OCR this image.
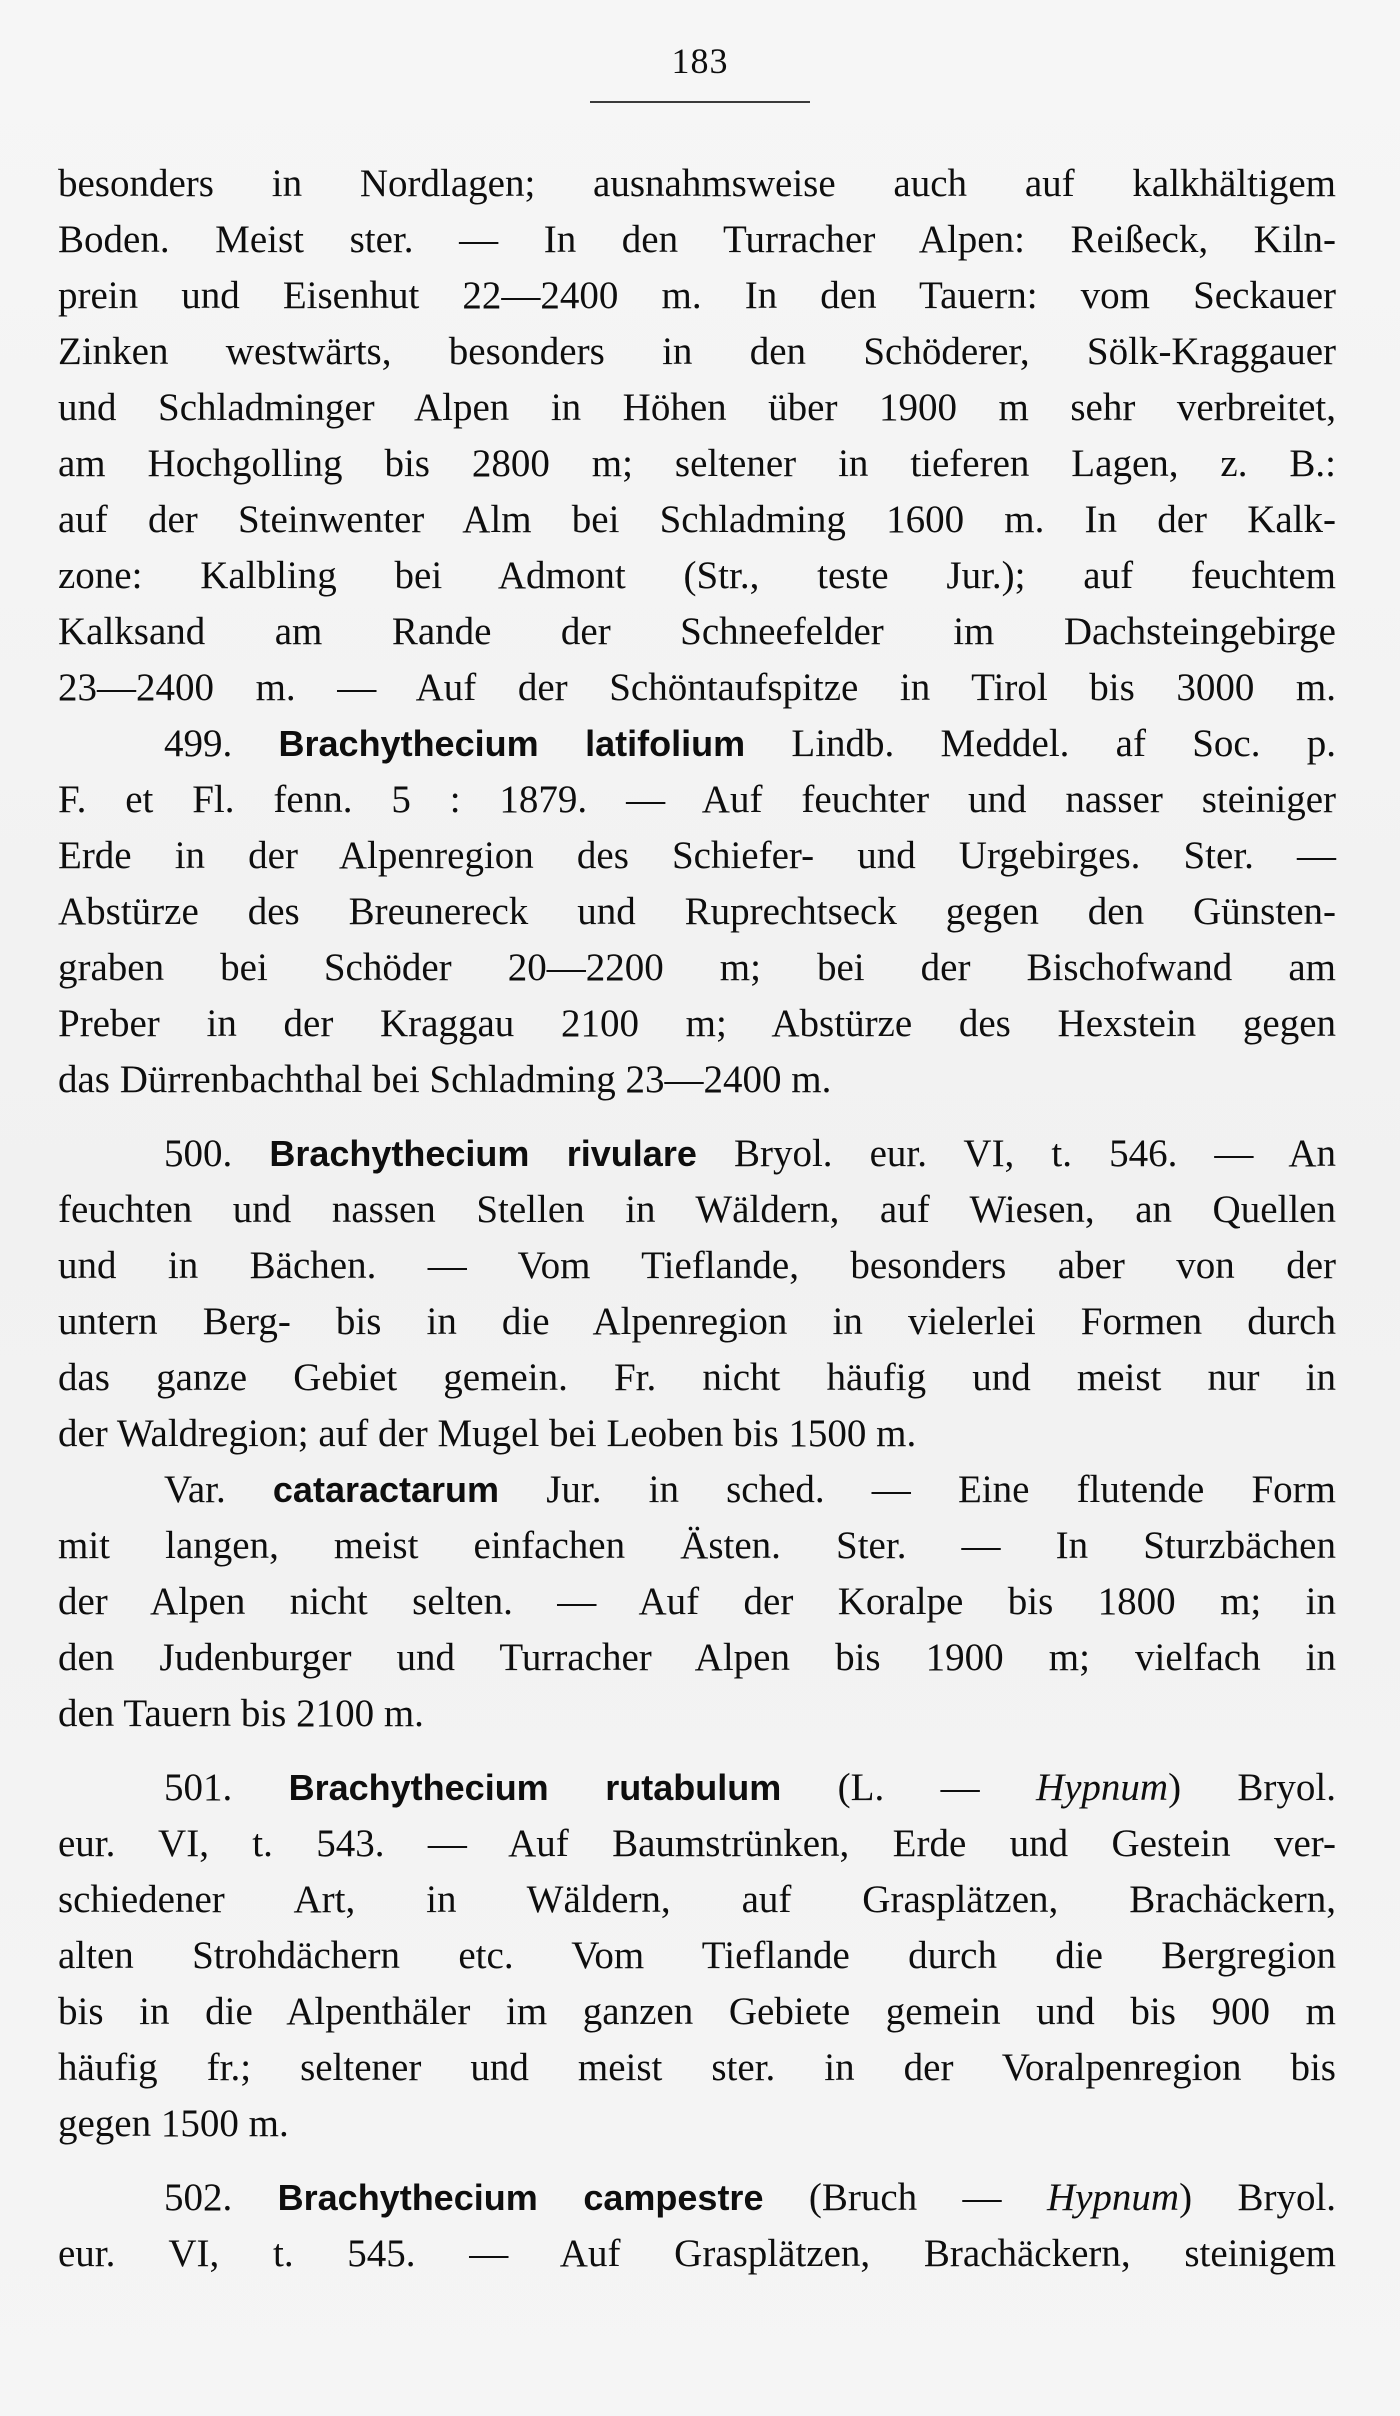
183
besonders in Nordlagen; ausnahmsweise auch auf kalkhältigem
Boden. Meist ster. — In den Turracher Alpen: Reißeck, Kiln-
prein und Eisenhut 22—2400 m. In den Tauern: vom Seckauer
Zinken westwärts, besonders in den Schöderer, Sölk-Kraggauer
und Schladminger Alpen in Höhen über 1900 m sehr verbreitet,
am Hochgolling bis 2800 m; seltener in tieferen Lagen, z. B.:
auf der Steinwenter Alm bei Schladming 1600 m. In der Kalk-
zone: Kalbling bei Admont (Str., teste Jur.); auf feuchtem
Kalksand am Rande der Schneefelder im Dachsteingebirge
23—2400 m. — Auf der Schöntaufspitze in Tirol bis 3000 m.
499. Brachythecium latifolium Lindb. Meddel. af Soc. p.
F. et Fl. fenn. 5 : 1879. — Auf feuchter und nasser steiniger
Erde in der Alpenregion des Schiefer- und Urgebirges. Ster. —
Abstürze des Breunereck und Ruprechtseck gegen den Günsten-
graben bei Schöder 20—2200 m; bei der Bischofwand am
Preber in der Kraggau 2100 m; Abstürze des Hexstein gegen
das Dürrenbachthal bei Schladming 23—2400 m.
500. Brachythecium rivulare Bryol. eur. VI, t. 546. — An
feuchten und nassen Stellen in Wäldern, auf Wiesen, an Quellen
und in Bächen. — Vom Tieflande, besonders aber von der
untern Berg- bis in die Alpenregion in vielerlei Formen durch
das ganze Gebiet gemein. Fr. nicht häufig und meist nur in
der Waldregion; auf der Mugel bei Leoben bis 1500 m.
Var. cataractarum Jur. in sched. — Eine flutende Form
mit langen, meist einfachen Ästen. Ster. — In Sturzbächen
der Alpen nicht selten. — Auf der Koralpe bis 1800 m; in
den Judenburger und Turracher Alpen bis 1900 m; vielfach in
den Tauern bis 2100 m.
501. Brachythecium rutabulum (L. — Hypnum) Bryol.
eur. VI, t. 543. — Auf Baumstrünken, Erde und Gestein ver-
schiedener Art, in Wäldern, auf Grasplätzen, Brachäckern,
alten Strohdächern etc. Vom Tieflande durch die Bergregion
bis in die Alpenthäler im ganzen Gebiete gemein und bis 900 m
häufig fr.; seltener und meist ster. in der Voralpenregion bis
gegen 1500 m.
502. Brachythecium campestre (Bruch — Hypnum) Bryol.
eur. VI, t. 545. — Auf Grasplätzen, Brachäckern, steinigem
